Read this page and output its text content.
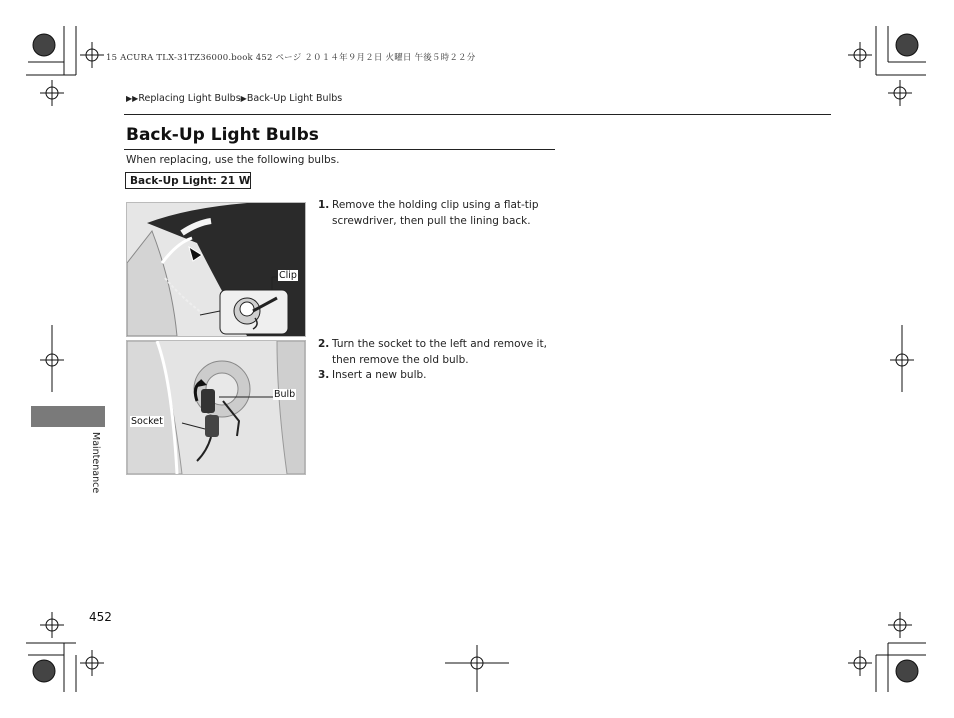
15 ACURA TLX-31TZ36000.book 452 ページ ２０１４年９月２日 火曜日 午後５時２２分
▶▶Replacing Light Bulbs▶Back-Up Light Bulbs
Back-Up Light Bulbs
When replacing, use the following bulbs.
Back-Up Light: 21 W
Clip
Bulb
Socket
1. Remove the holding clip using a flat-tip screwdriver, then pull the lining back.
2. Turn the socket to the left and remove it, then remove the old bulb.
3. Insert a new bulb.
Maintenance
452
